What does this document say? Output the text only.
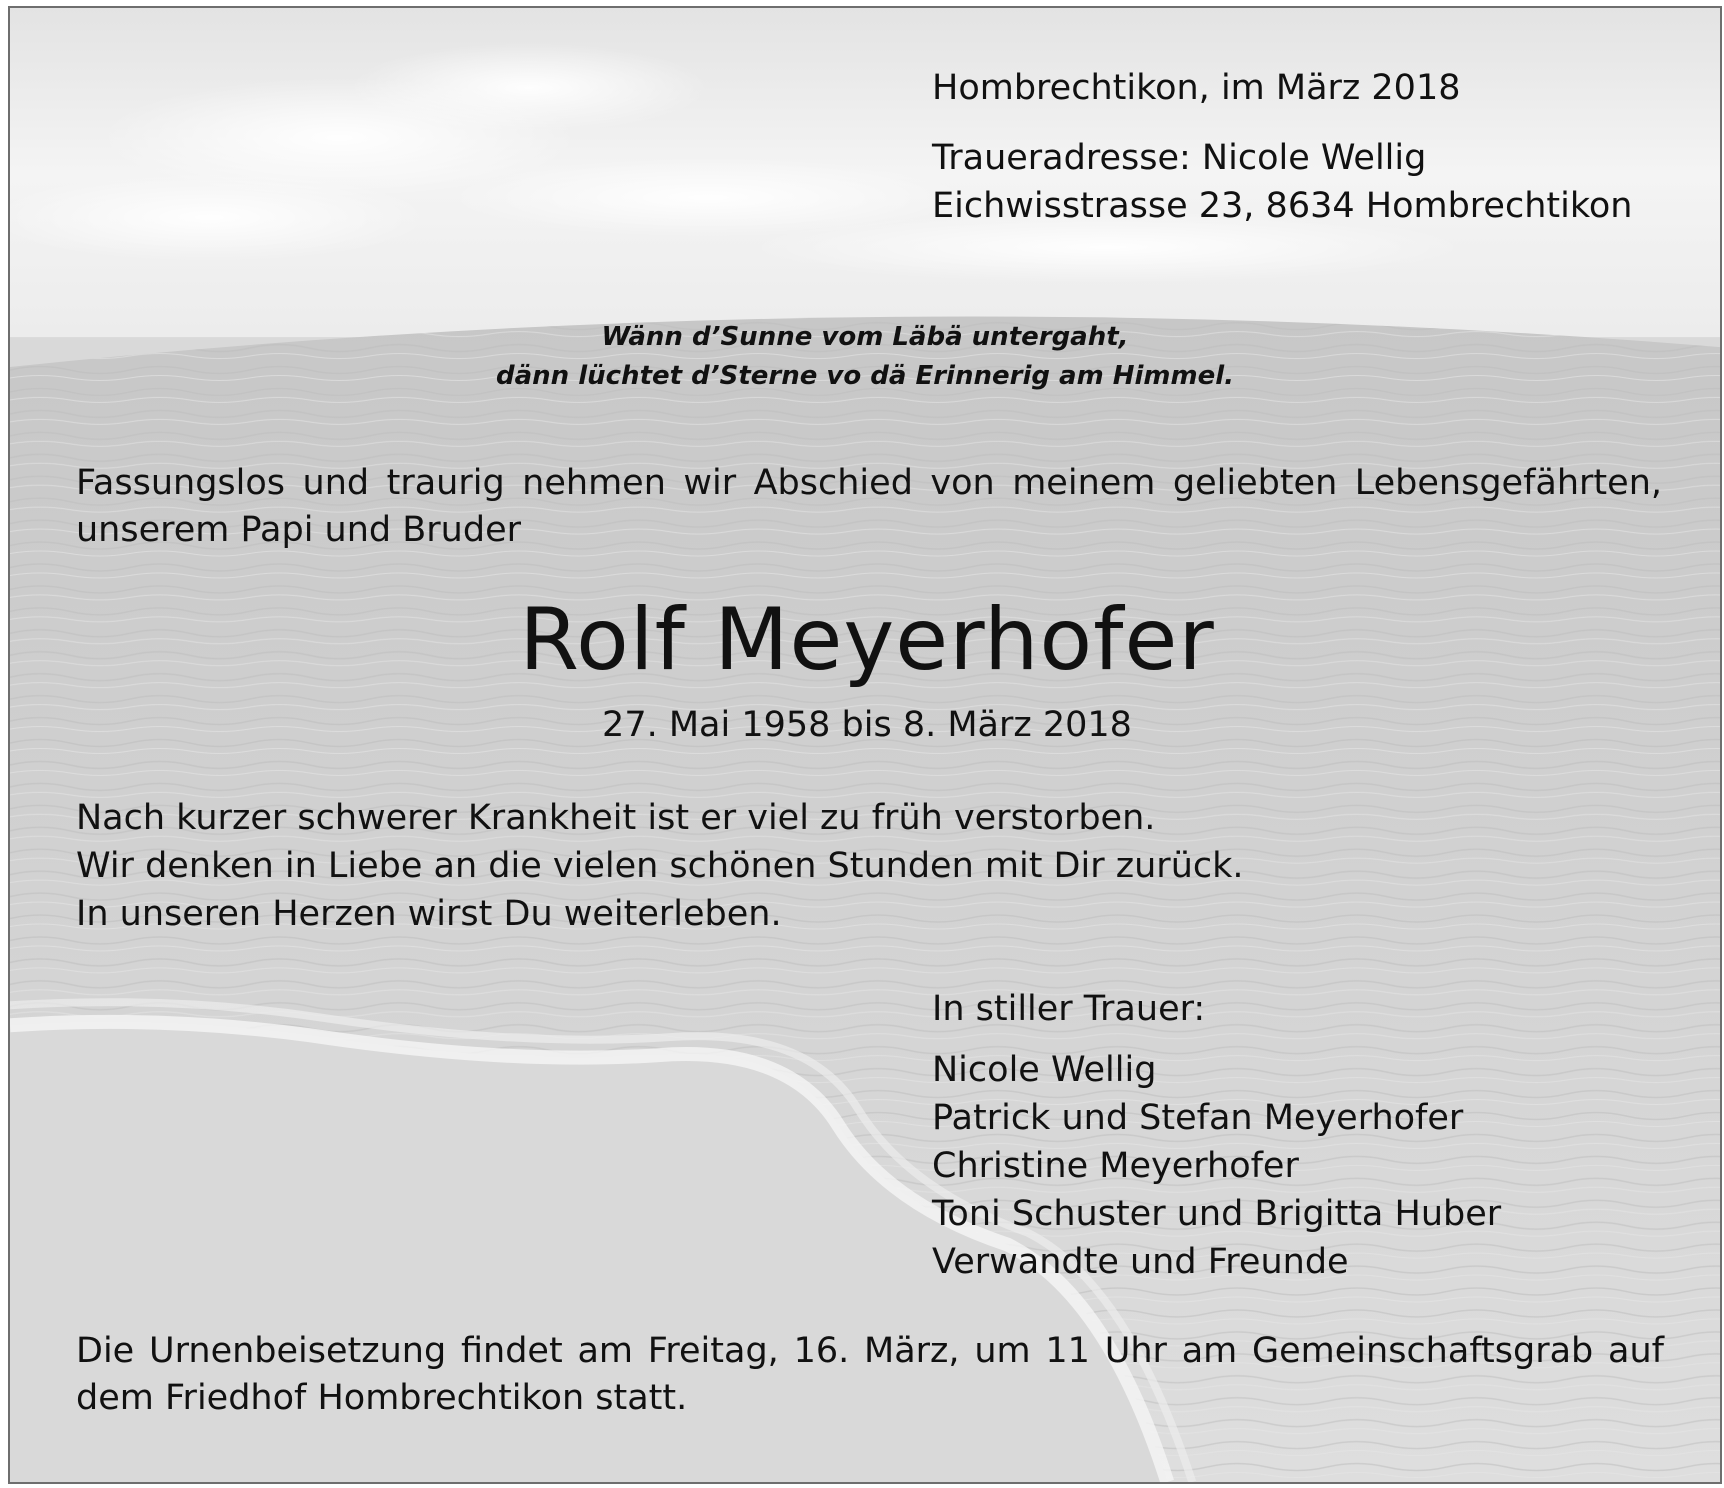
Hombrechtikon, im März 2018
Traueradresse: Nicole Wellig
Eichwisstrasse 23, 8634 Hombrechtikon
Wänn d’Sunne vom Läbä untergaht,
dänn lüchtet d’Sterne vo dä Erinnerig am Himmel.
Fassungslos und traurig nehmen wir Abschied von meinem geliebten Lebensgefährten,
unserem Papi und Bruder
Rolf Meyerhofer
27. Mai 1958 bis 8. März 2018
Nach kurzer schwerer Krankheit ist er viel zu früh verstorben.
Wir denken in Liebe an die vielen schönen Stunden mit Dir zurück.
In unseren Herzen wirst Du weiterleben.
In stiller Trauer:
Nicole Wellig
Patrick und Stefan Meyerhofer
Christine Meyerhofer
Toni Schuster und Brigitta Huber
Verwandte und Freunde
Die Urnenbeisetzung findet am Freitag, 16. März, um 11 Uhr am Gemeinschaftsgrab auf
dem Friedhof Hombrechtikon statt.
